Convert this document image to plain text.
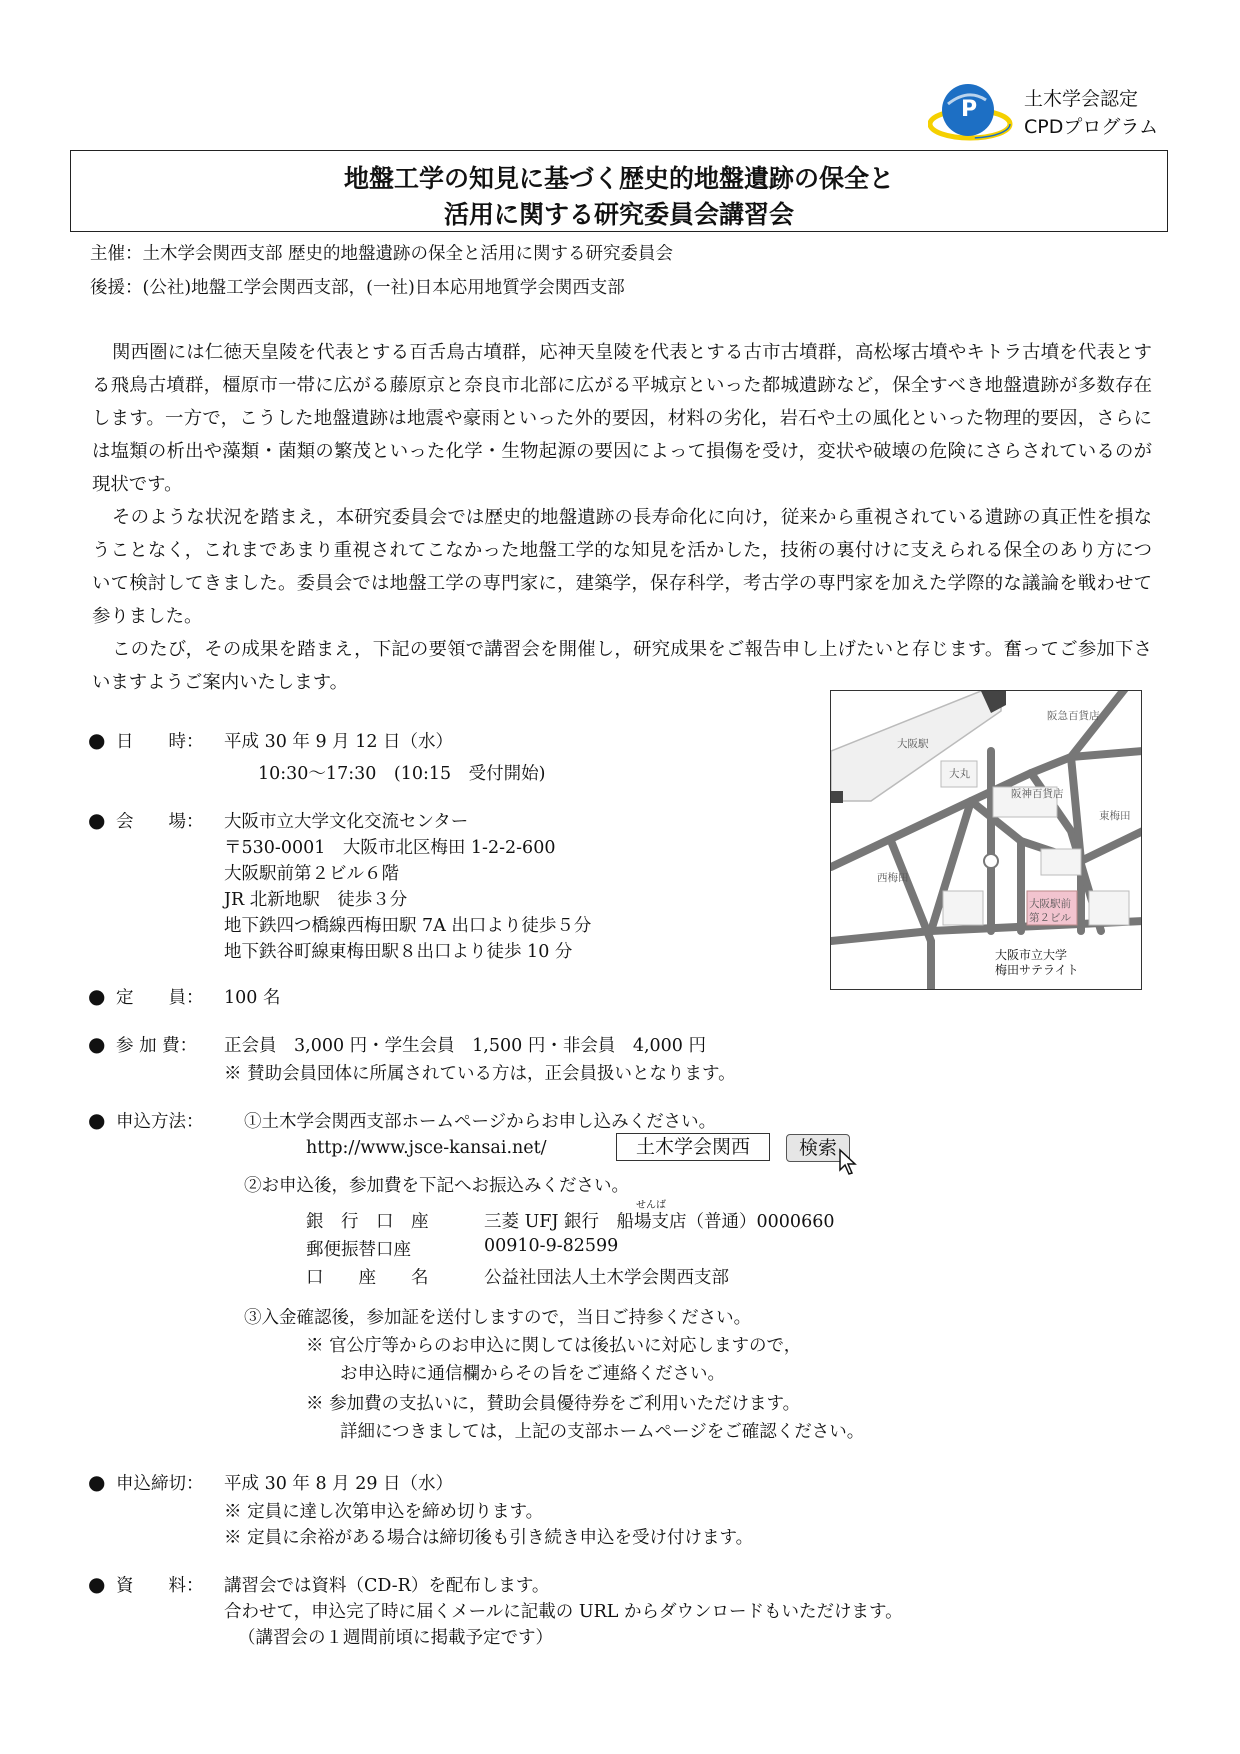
P 土木学会認定
CPDプログラム
地盤工学の知見に基づく歴史的地盤遺跡の保全と
活用に関する研究委員会講習会
主催：土木学会関西支部 歴史的地盤遺跡の保全と活用に関する研究委員会
後援：(公社)地盤工学会関西支部，(一社)日本応用地質学会関西支部

関西圏には仁徳天皇陵を代表とする百舌鳥古墳群，応神天皇陵を代表とする古市古墳群，高松塚古墳やキトラ古墳を代表とする飛鳥古墳群，橿原市一帯に広がる藤原京と奈良市北部に広がる平城京といった都城遺跡など，保全すべき地盤遺跡が多数存在します。一方で，こうした地盤遺跡は地震や豪雨といった外的要因，材料の劣化，岩石や土の風化といった物理的要因，さらには塩類の析出や藻類・菌類の繁茂といった化学・生物起源の要因によって損傷を受け，変状や破壊の危険にさらされているのが現状です。

そのような状況を踏まえ，本研究委員会では歴史的地盤遺跡の長寿命化に向け，従来から重視されている遺跡の真正性を損なうことなく，これまであまり重視されてこなかった地盤工学的な知見を活かした，技術の裏付けに支えられる保全のあり方について検討してきました。委員会では地盤工学の専門家に，建築学，保存科学，考古学の専門家を加えた学際的な議論を戦わせて参りました。

このたび，その成果を踏まえ，下記の要領で講習会を開催し，研究成果をご報告申し上げたいと存じます。奮ってご参加下さいますようご案内いたします。

● 日　　時： 平成 30 年 9 月 12 日（水）
10:30〜17:30　(10:15　受付開始)
● 会　　場： 大阪市立大学文化交流センター
〒530-0001　大阪市北区梅田 1-2-2-600
大阪駅前第２ビル６階
JR 北新地駅　徒歩３分
地下鉄四つ橋線西梅田駅 7A 出口より徒歩５分
地下鉄谷町線東梅田駅８出口より徒歩 10 分
阪急百貨店
大阪駅
大丸
阪神百貨店
東梅田
西梅田
大阪駅前
第２ビル
大阪市立大学
梅田サテライト
● 定　　員： 100 名
● 参 加 費： 正会員　3,000 円・学生会員　1,500 円・非会員　4,000 円
※ 賛助会員団体に所属されている方は，正会員扱いとなります。
● 申込方法： ①土木学会関西支部ホームページからお申し込みください。
http://www.jsce-kansai.net/	土木学会関西	検索
②お申込後，参加費を下記へお振込みください。
せんば
銀　行　口　座	三菱 UFJ 銀行　船場支店（普通）0000660
郵便振替口座	00910-9-82599
口　　座　　名	公益社団法人土木学会関西支部
③入金確認後，参加証を送付しますので，当日ご持参ください。
※ 官公庁等からのお申込に関しては後払いに対応しますので，
お申込時に通信欄からその旨をご連絡ください。
※ 参加費の支払いに，賛助会員優待券をご利用いただけます。
詳細につきましては，上記の支部ホームページをご確認ください。
● 申込締切： 平成 30 年 8 月 29 日（水）
※ 定員に達し次第申込を締め切ります。
※ 定員に余裕がある場合は締切後も引き続き申込を受け付けます。
● 資　　料： 講習会では資料（CD-R）を配布します。
合わせて，申込完了時に届くメールに記載の URL からダウンロードもいただけます。
（講習会の１週間前頃に掲載予定です）
